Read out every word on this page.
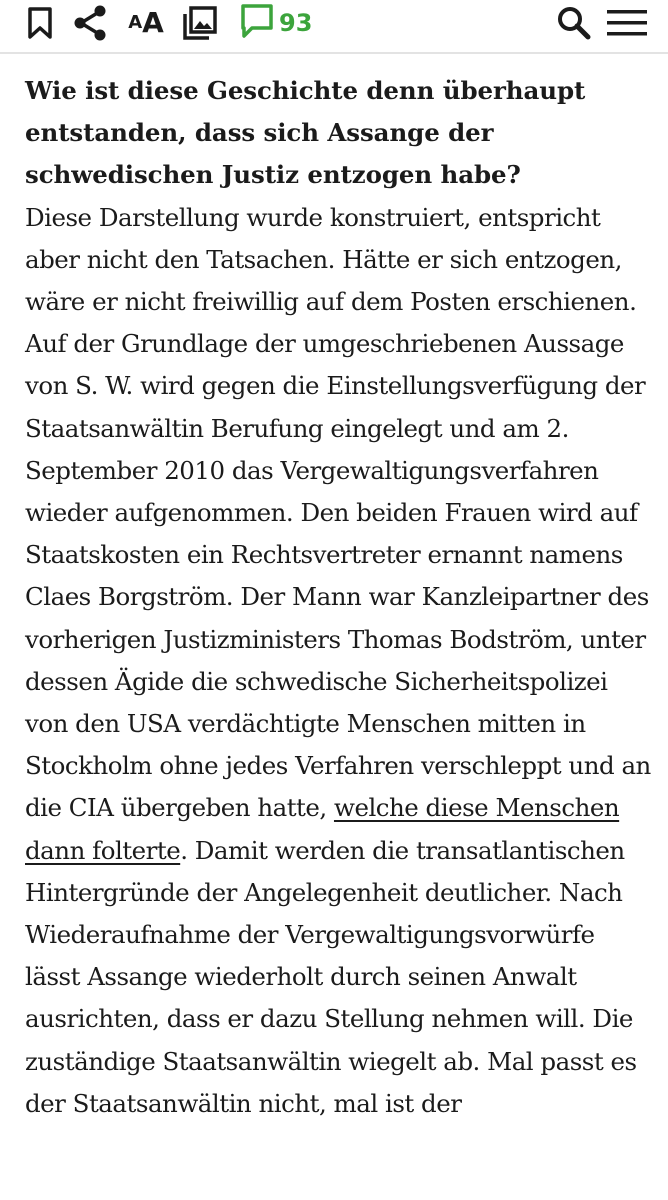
A A	93

Wie ist diese Geschichte denn überhaupt entstanden, dass sich Assange der schwedischen Justiz entzogen habe?

Diese Darstellung wurde konstruiert, entspricht aber nicht den Tatsachen. Hätte er sich entzogen, wäre er nicht freiwillig auf dem Posten erschienen. Auf der Grundlage der umgeschriebenen Aussage von S. W. wird gegen die Einstellungsverfügung der Staatsanwältin Berufung eingelegt und am 2. September 2010 das Vergewaltigungsverfahren wieder aufgenommen. Den beiden Frauen wird auf Staatskosten ein Rechtsvertreter ernannt namens Claes Borgström. Der Mann war Kanzleipartner des vorherigen Justizministers Thomas Bodström, unter dessen Ägide die schwedische Sicherheitspolizei von den USA verdächtigte Menschen mitten in Stockholm ohne jedes Verfahren verschleppt und an die CIA übergeben hatte, welche diese Menschen dann folterte. Damit werden die transatlantischen Hintergründe der Angelegenheit deutlicher. Nach Wiederaufnahme der Vergewaltigungsvorwürfe lässt Assange wiederholt durch seinen Anwalt ausrichten, dass er dazu Stellung nehmen will. Die zuständige Staatsanwältin wiegelt ab. Mal passt es der Staatsanwältin nicht, mal ist der
